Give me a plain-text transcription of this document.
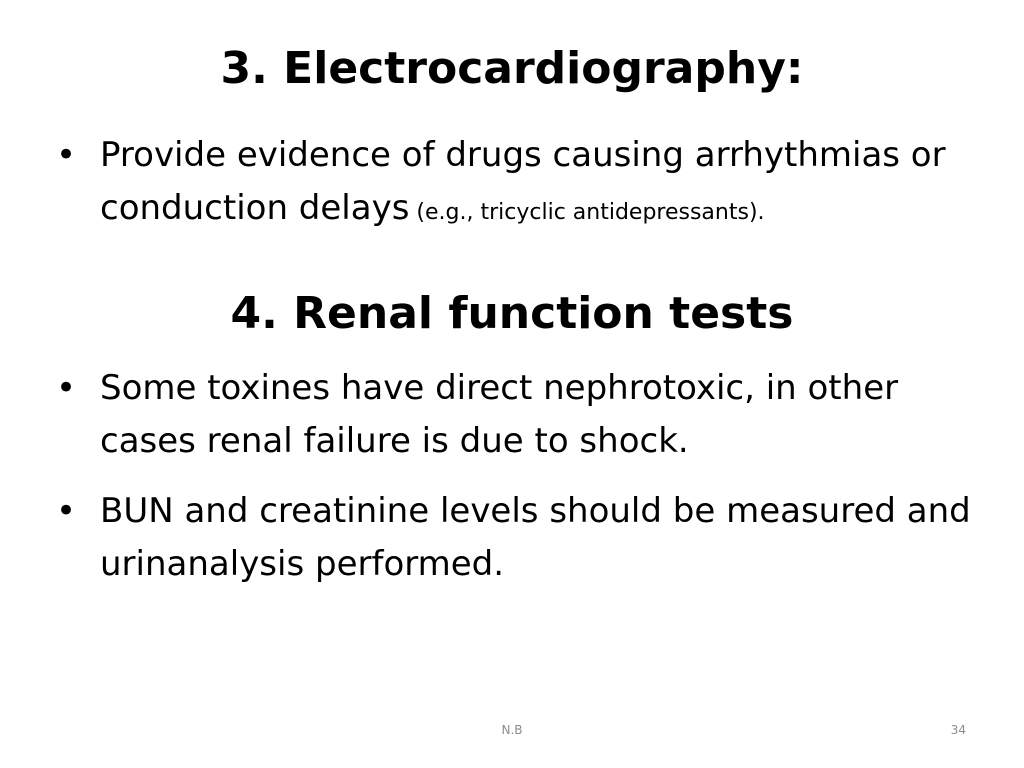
3. Electrocardiography:
• Provide evidence of drugs causing arrhythmias or conduction delays (e.g., tricyclic antidepressants).
4. Renal function tests
• Some toxines have direct nephrotoxic, in other cases renal failure is due to shock.
• BUN and creatinine levels should be measured and urinanalysis performed.
N.B	34
